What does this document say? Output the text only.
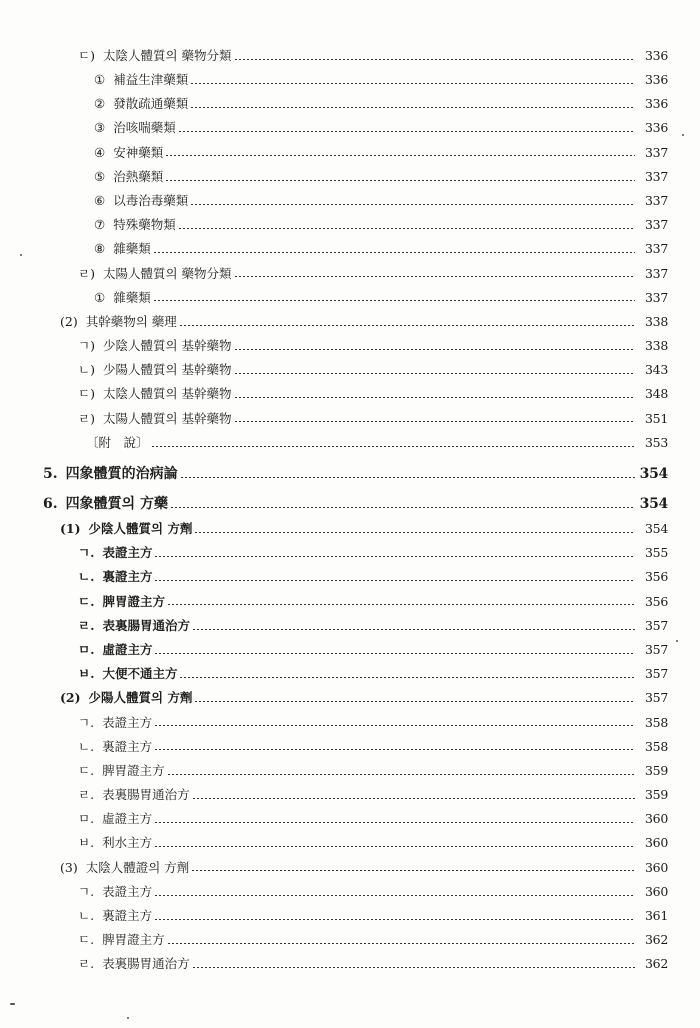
ㄷ) 太陰人體質의 藥物分類	336
① 補益生津藥類	336
② 發散疏通藥類	336
③ 治咳喘藥類	336
④ 安神藥類	337
⑤ 治熱藥類	337
⑥ 以毒治毒藥類	337
⑦ 特殊藥物類	337
⑧ 雜藥類	337
ㄹ) 太陽人體質의 藥物分類	337
① 雜藥類	337
(2) 其幹藥物의 藥理	338
ㄱ) 少陰人體質의 基幹藥物	338
ㄴ) 少陽人體質의 基幹藥物	343
ㄷ) 太陰人體質의 基幹藥物	348
ㄹ) 太陽人體質의 基幹藥物	351
〔附　說〕	353
5. 四象體質的治病論	354
6. 四象體質의 方藥	354
(1) 少陰人體質의 方劑	354
ㄱ. 表證主方	355
ㄴ. 裏證主方	356
ㄷ. 脾胃證主方	356
ㄹ. 表裏腸胃通治方	357
ㅁ. 虛證主方	357
ㅂ. 大便不通主方	357
(2) 少陽人體質의 方劑	357
ㄱ. 表證主方	358
ㄴ. 裏證主方	358
ㄷ. 脾胃證主方	359
ㄹ. 表裏腸胃通治方	359
ㅁ. 虛證主方	360
ㅂ. 利水主方	360
(3) 太陰人體證의 方劑	360
ㄱ. 表證主方	360
ㄴ. 裏證主方	361
ㄷ. 脾胃證主方	362
ㄹ. 表裏腸胃通治方	362
